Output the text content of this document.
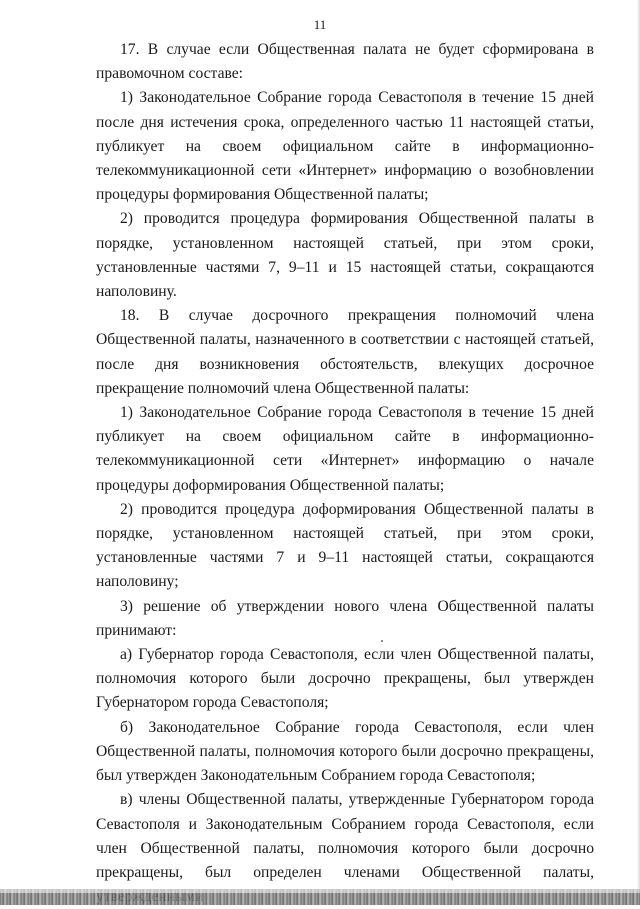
11

17. В случае если Общественная палата не будет сформирована в правомочном составе:

1) Законодательное Собрание города Севастополя в течение 15 дней после дня истечения срока, определенного частью 11 настоящей статьи, публикует на своем официальном сайте в информационно-телекоммуникационной сети «Интернет» информацию о возобновлении процедуры формирования Общественной палаты;

2) проводится процедура формирования Общественной палаты в порядке, установленном настоящей статьей, при этом сроки, установленные частями 7, 9–11 и 15 настоящей статьи, сокращаются наполовину.

18. В случае досрочного прекращения полномочий члена Общественной палаты, назначенного в соответствии с настоящей статьей, после дня возникновения обстоятельств, влекущих досрочное прекращение полномочий члена Общественной палаты:

1) Законодательное Собрание города Севастополя в течение 15 дней публикует на своем официальном сайте в информационно-телекоммуникационной сети «Интернет» информацию о начале процедуры доформирования Общественной палаты;

2) проводится процедура доформирования Общественной палаты в порядке, установленном настоящей статьей, при этом сроки, установленные частями 7 и 9–11 настоящей статьи, сокращаются наполовину;

3) решение об утверждении нового члена Общественной палаты принимают:

а) Губернатор города Севастополя, если член Общественной палаты, полномочия которого были досрочно прекращены, был утвержден Губернатором города Севастополя;

б) Законодательное Собрание города Севастополя, если член Общественной палаты, полномочия которого были досрочно прекращены, был утвержден Законодательным Собранием города Севастополя;

в) члены Общественной палаты, утвержденные Губернатором города Севастополя и Законодательным Собранием города Севастополя, если член Общественной палаты, полномочия которого были досрочно прекращены, был определен членами Общественной палаты,
